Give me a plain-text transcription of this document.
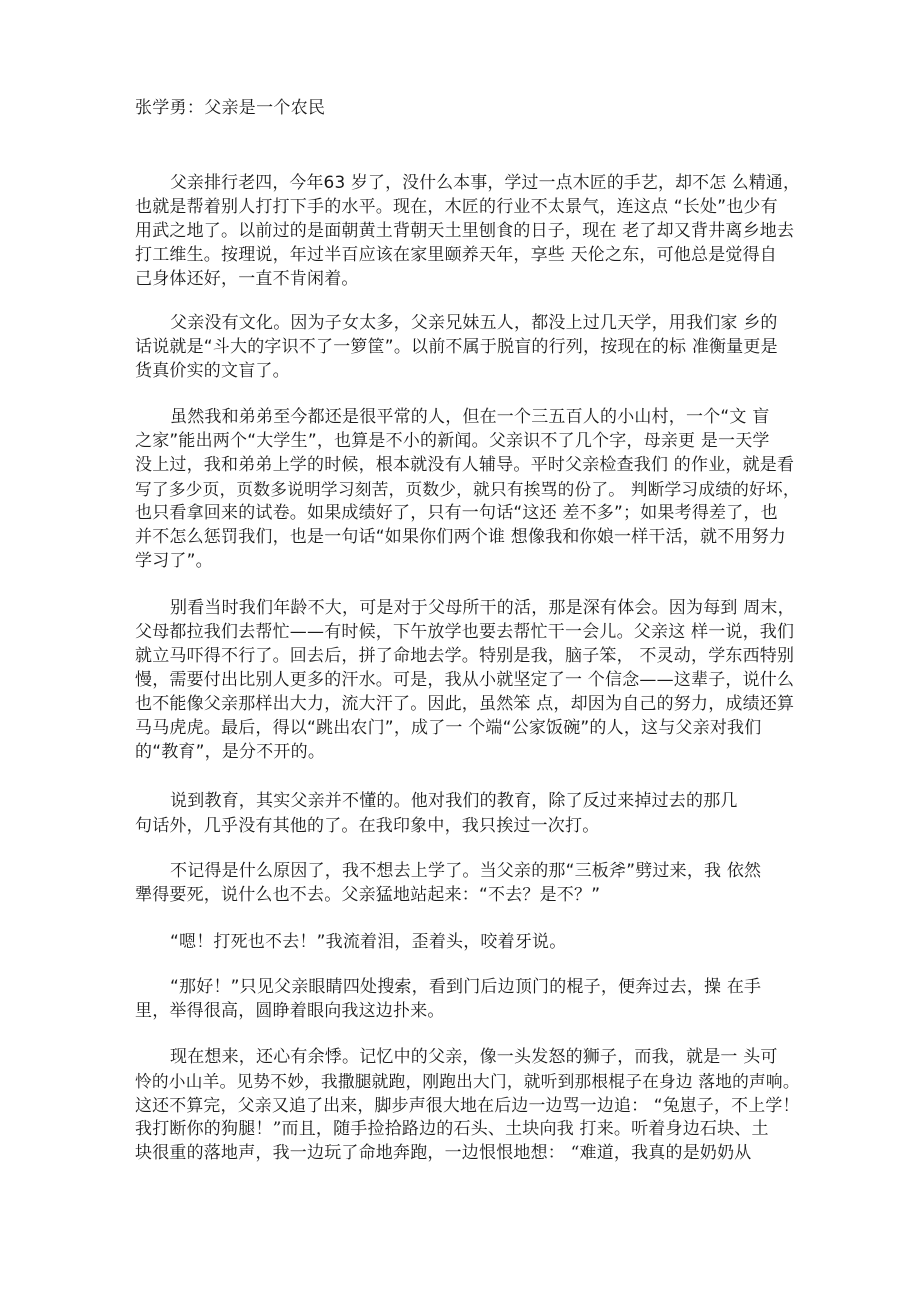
张学勇：父亲是一个农民
父亲排行老四，今年63 岁了，没什么本事，学过一点木匠的手艺，却不怎 么精通，
也就是帮着别人打打下手的水平。现在，木匠的行业不太景气，连这点 “长处”也少有
用武之地了。以前过的是面朝黄土背朝天土里刨食的日子，现在 老了却又背井离乡地去
打工维生。按理说，年过半百应该在家里颐养天年，享些 天伦之东，可他总是觉得自
己身体还好，一直不肯闲着。
父亲没有文化。因为子女太多，父亲兄妹五人，都没上过几天学，用我们家 乡的
话说就是“斗大的字识不了一箩筐”。以前不属于脱盲的行列，按现在的标 准衡量更是
货真价实的文盲了。
虽然我和弟弟至今都还是很平常的人，但在一个三五百人的小山村，一个“文 盲
之家”能出两个“大学生”，也算是不小的新闻。父亲识不了几个字，母亲更 是一天学
没上过，我和弟弟上学的时候，根本就没有人辅导。平时父亲检查我们 的作业，就是看
写了多少页，页数多说明学习刻苦，页数少，就只有挨骂的份了。 判断学习成绩的好坏，
也只看拿回来的试卷。如果成绩好了，只有一句话“这还 差不多”；如果考得差了，也
并不怎么惩罚我们，也是一句话“如果你们两个谁 想像我和你娘一样干活，就不用努力
学习了”。
别看当时我们年龄不大，可是对于父母所干的活，那是深有体会。因为每到 周末，
父母都拉我们去帮忙——有时候，下午放学也要去帮忙干一会儿。父亲这 样一说，我们
就立马吓得不行了。回去后，拼了命地去学。特别是我，脑子笨， 不灵动，学东西特别
慢，需要付出比别人更多的汗水。可是，我从小就坚定了一 个信念——这辈子，说什么
也不能像父亲那样出大力，流大汗了。因此，虽然笨 点，却因为自己的努力，成绩还算
马马虎虎。最后，得以“跳出农门”，成了一 个端“公家饭碗”的人，这与父亲对我们
的“教育”，是分不开的。
说到教育，其实父亲并不懂的。他对我们的教育，除了反过来掉过去的那几
句话外，几乎没有其他的了。在我印象中，我只挨过一次打。
不记得是什么原因了，我不想去上学了。当父亲的那“三板斧”劈过来，我 依然
犟得要死，说什么也不去。父亲猛地站起来：“不去？是不？”
“嗯！打死也不去！”我流着泪，歪着头，咬着牙说。
“那好！”只见父亲眼睛四处搜索，看到门后边顶门的棍子，便奔过去，操 在手
里，举得很高，圆睁着眼向我这边扑来。
现在想来，还心有余悸。记忆中的父亲，像一头发怒的狮子，而我，就是一 头可
怜的小山羊。见势不妙，我撒腿就跑，刚跑出大门，就听到那根棍子在身边 落地的声响。
这还不算完，父亲又追了出来，脚步声很大地在后边一边骂一边追： “兔崽子，不上学！
我打断你的狗腿！”而且，随手捡拾路边的石头、土块向我 打来。听着身边石块、土
块很重的落地声，我一边玩了命地奔跑，一边恨恨地想： “难道，我真的是奶奶从
